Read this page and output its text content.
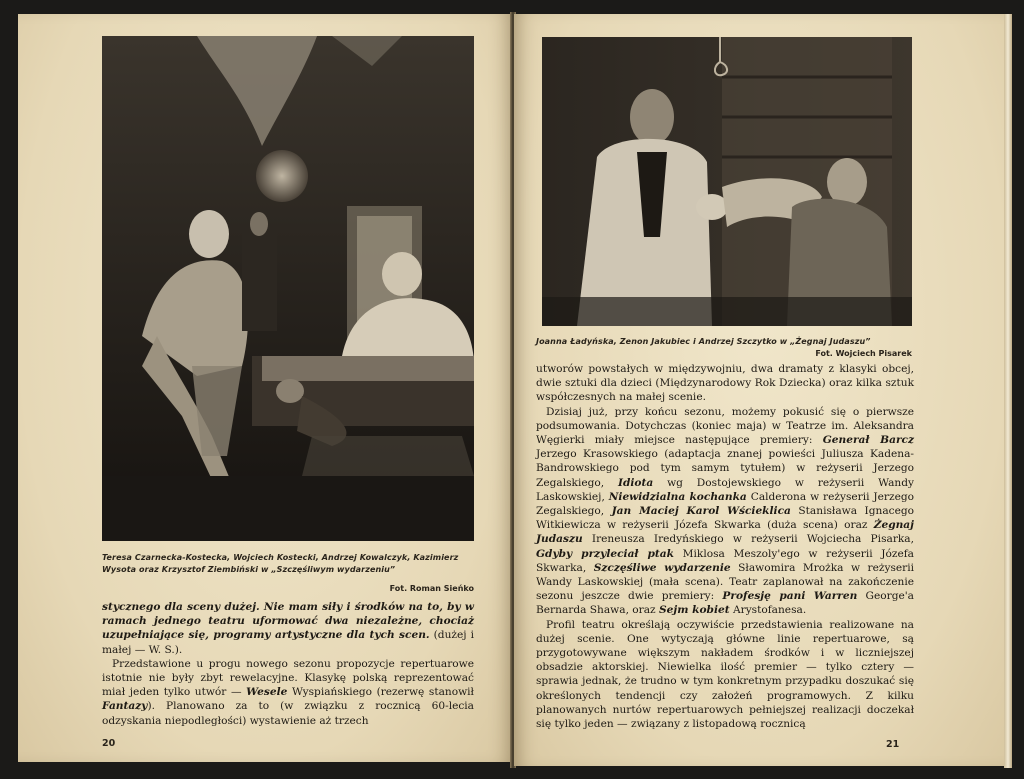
Teresa Czarnecka-Kostecka, Wojciech Kostecki, Andrzej Kowalczyk, Kazimierz Wysota oraz Krzysztof Ziembiński w „Szczęśliwym wydarzeniu”
Fot. Roman Sieńko

stycznego dla sceny dużej. Nie mam siły i środków na to, by w ramach jednego teatru uformować dwa niezależne, chociaż uzupełniające się, programy artystyczne dla tych scen. (dużej i małej — W. S.).

Przedstawione u progu nowego sezonu propozycje repertuarowe istotnie nie były zbyt rewelacyjne. Klasykę polską reprezentować miał jeden tylko utwór — Wesele Wyspiańskiego (rezerwę stanowił Fantazy). Planowano za to (w związku z rocznicą 60-lecia odzyskania niepodległości) wystawienie aż trzech

20
Joanna Ładyńska, Zenon Jakubiec i Andrzej Szczytko w „Żegnaj Judaszu”
Fot. Wojciech Pisarek

utworów powstałych w międzywojniu, dwa dramaty z klasyki obcej, dwie sztuki dla dzieci (Międzynarodowy Rok Dziecka) oraz kilka sztuk współczesnych na małej scenie.

Dzisiaj już, przy końcu sezonu, możemy pokusić się o pierwsze podsumowania. Dotychczas (koniec maja) w Teatrze im. Aleksandra Węgierki miały miejsce następujące premiery: Generał Barcz Jerzego Krasowskiego (adaptacja znanej powieści Juliusza Kadena-Bandrowskiego pod tym samym tytułem) w reżyserii Jerzego Zegalskiego, Idiota wg Dostojewskiego w reżyserii Wandy Laskowskiej, Niewidzialna kochanka Calderona w reżyserii Jerzego Zegalskiego, Jan Maciej Karol Wścieklica Stanisława Ignacego Witkiewicza w reżyserii Józefa Skwarka (duża scena) oraz Żegnaj Judaszu Ireneusza Iredyńskiego w reżyserii Wojciecha Pisarka, Gdyby przyleciał ptak Miklosa Meszoly'ego w reżyserii Józefa Skwarka, Szczęśliwe wydarzenie Sławomira Mrożka w reżyserii Wandy Laskowskiej (mała scena). Teatr zaplanował na zakończenie sezonu jeszcze dwie premiery: Profesję pani Warren George'a Bernarda Shawa, oraz Sejm kobiet Arystofanesa.

Profil teatru określają oczywiście przedstawienia realizowane na dużej scenie. One wytyczają główne linie repertuarowe, są przygotowywane większym nakładem środków i w liczniejszej obsadzie aktorskiej. Niewielka ilość premier — tylko cztery — sprawia jednak, że trudno w tym konkretnym przypadku doszukać się określonych tendencji czy założeń programowych. Z kilku planowanych nurtów repertuarowych pełniejszej realizacji doczekał się tylko jeden — związany z listopadową rocznicą

21
